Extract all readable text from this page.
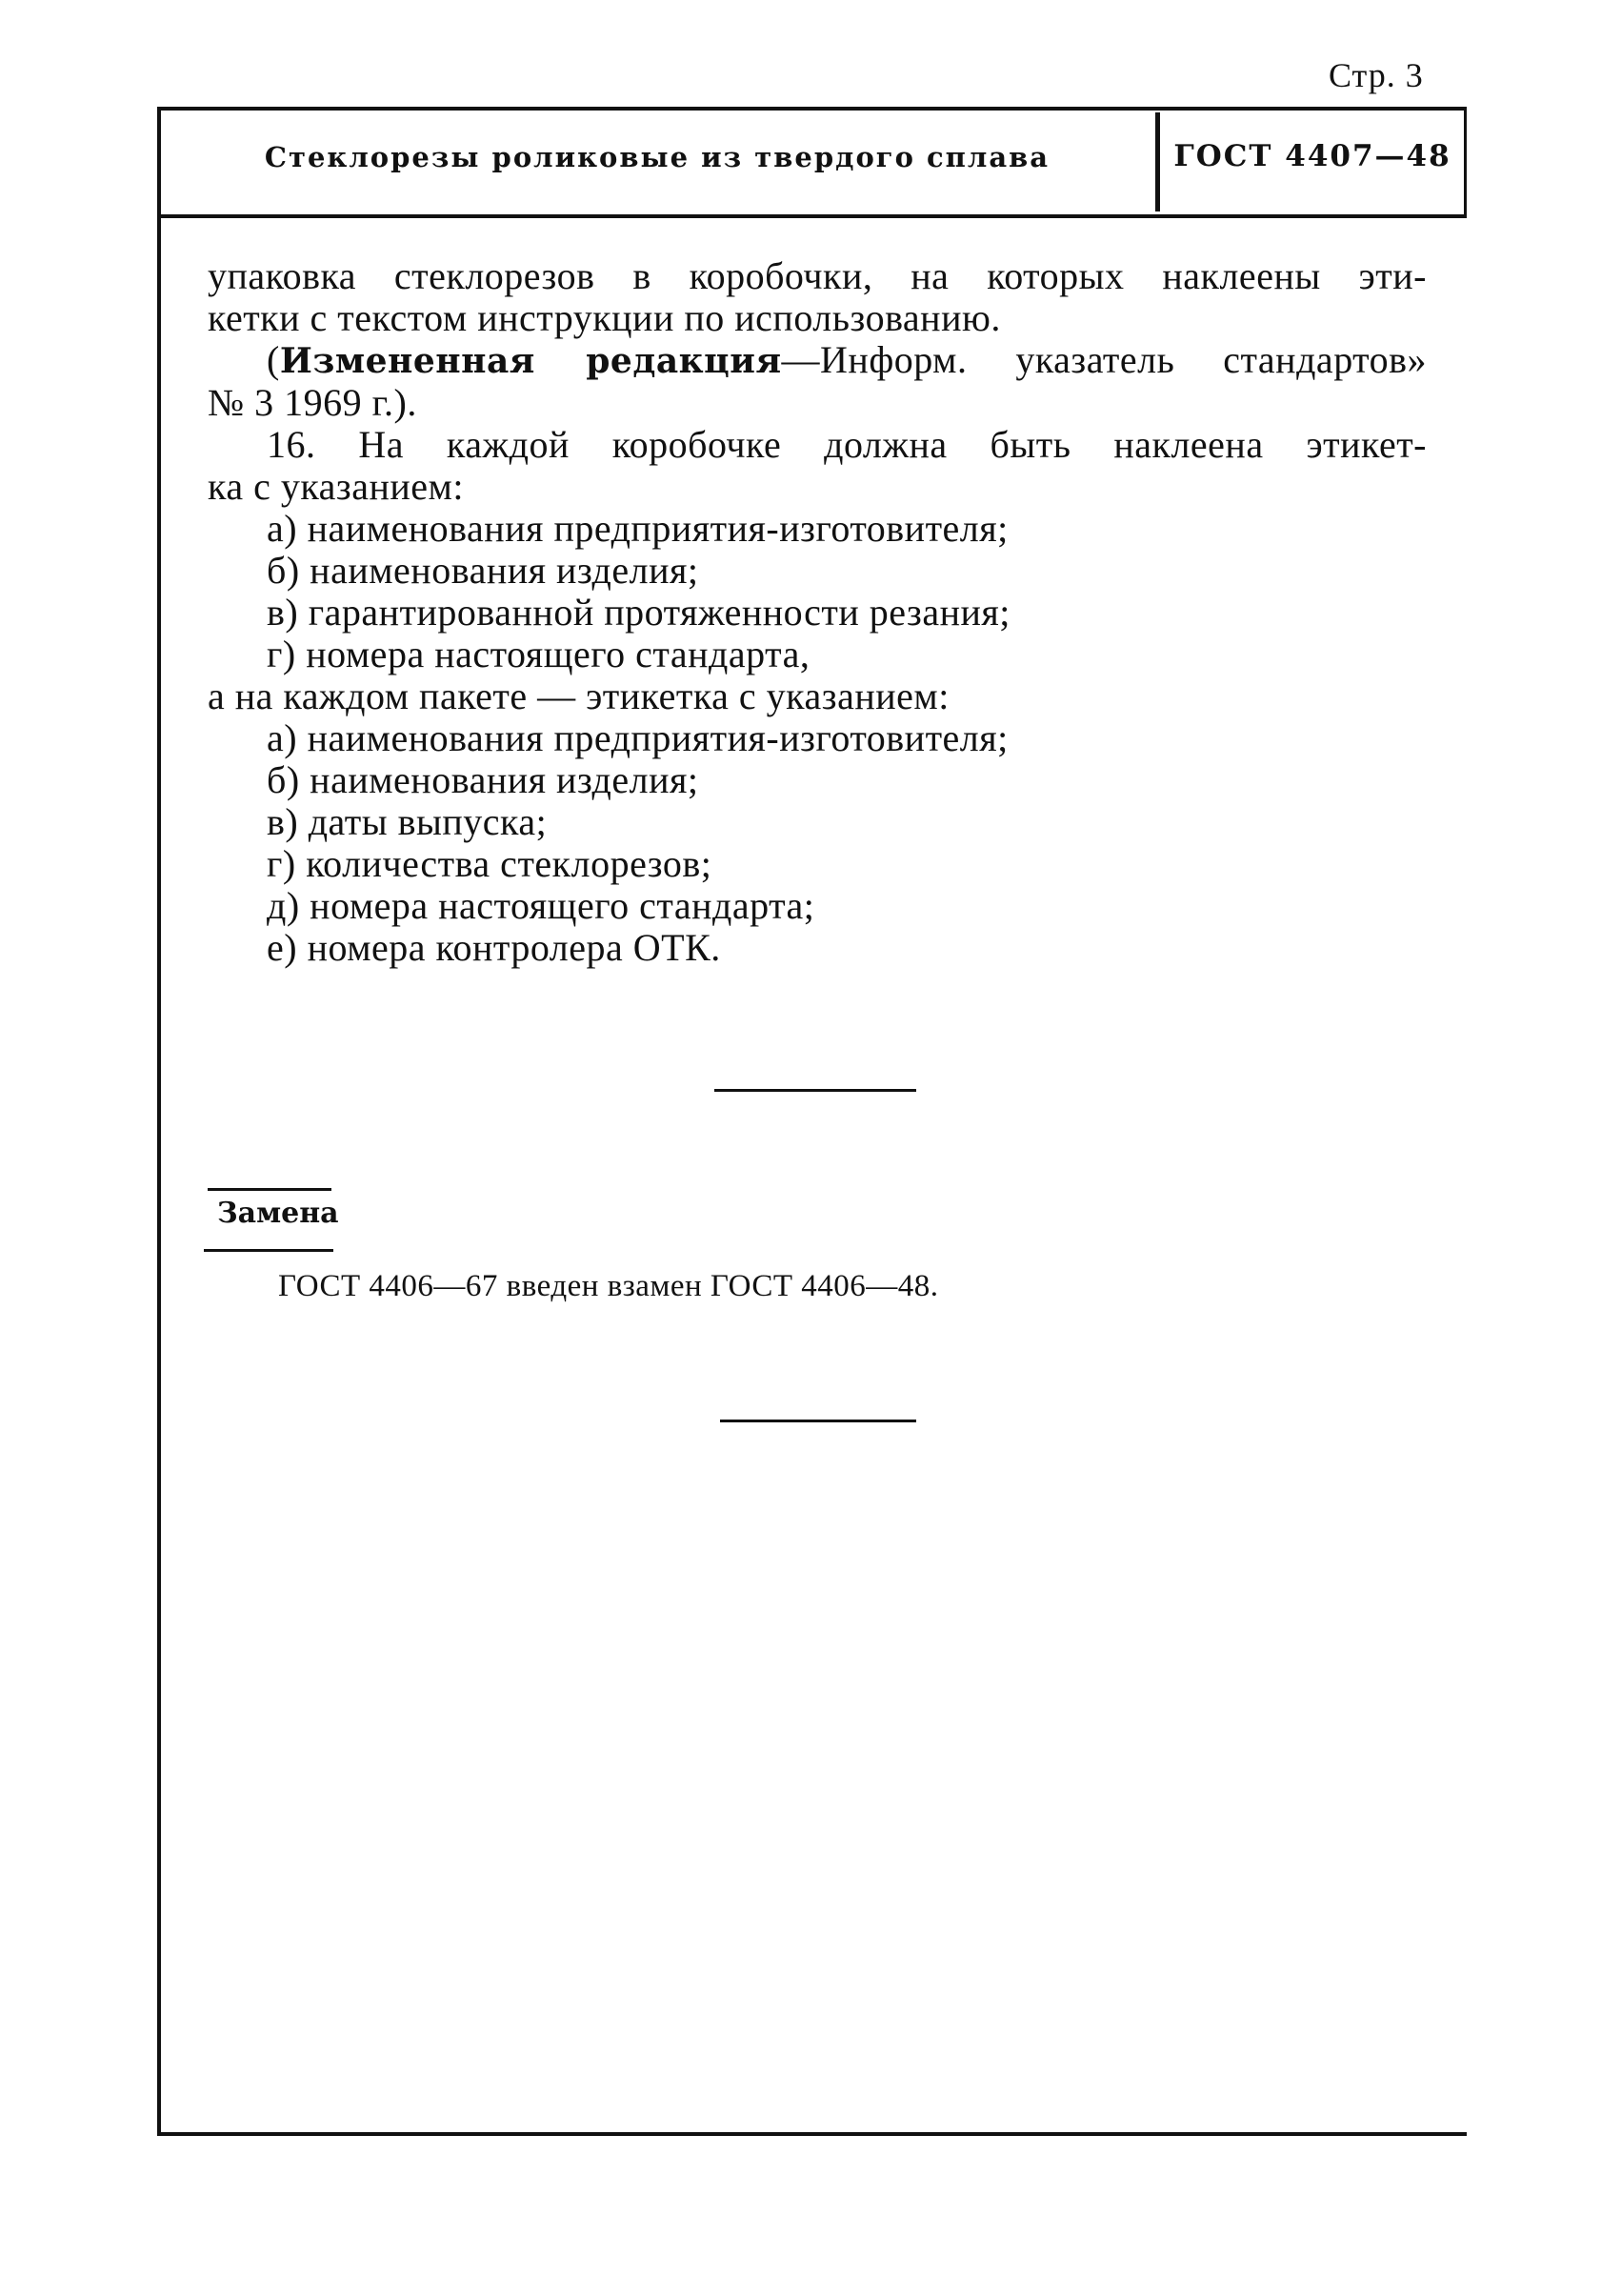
Стр. 3
Стеклорезы роликовые из твердого сплава	ГОСТ 4407—48
упаковка стеклорезов в коробочки, на которых наклеены эти-
кетки с текстом инструкции по использованию.
(Измененная редакция—Информ. указатель стандартов»
№ 3 1969 г.).
16. На каждой коробочке должна быть наклеена этикет-
ка с указанием:
а) наименования предприятия-изготовителя;
б) наименования изделия;
в) гарантированной протяженности резания;
г) номера настоящего стандарта,
а на каждом пакете — этикетка с указанием:
а) наименования предприятия-изготовителя;
б) наименования изделия;
в) даты выпуска;
г) количества стеклорезов;
д) номера настоящего стандарта;
е) номера контролера ОТК.
Замена
ГОСТ 4406—67 введен взамен ГОСТ 4406—48.
